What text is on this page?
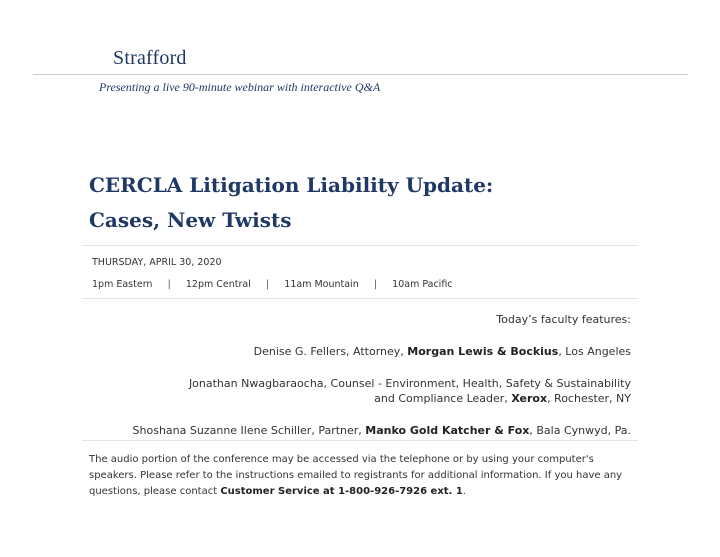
Strafford
Presenting a live 90-minute webinar with interactive Q&A
CERCLA Litigation Liability Update:
Cases, New Twists
THURSDAY, APRIL 30, 2020
1pm Eastern | 12pm Central | 11am Mountain | 10am Pacific

Today’s faculty features:

Denise G. Fellers, Attorney, Morgan Lewis & Bockius, Los Angeles

Jonathan Nwagbaraocha, Counsel - Environment, Health, Safety & Sustainability and Compliance Leader, Xerox, Rochester, NY

Shoshana Suzanne Ilene Schiller, Partner, Manko Gold Katcher & Fox, Bala Cynwyd, Pa.

The audio portion of the conference may be accessed via the telephone or by using your computer's speakers. Please refer to the instructions emailed to registrants for additional information. If you have any questions, please contact Customer Service at 1-800-926-7926 ext. 1.
